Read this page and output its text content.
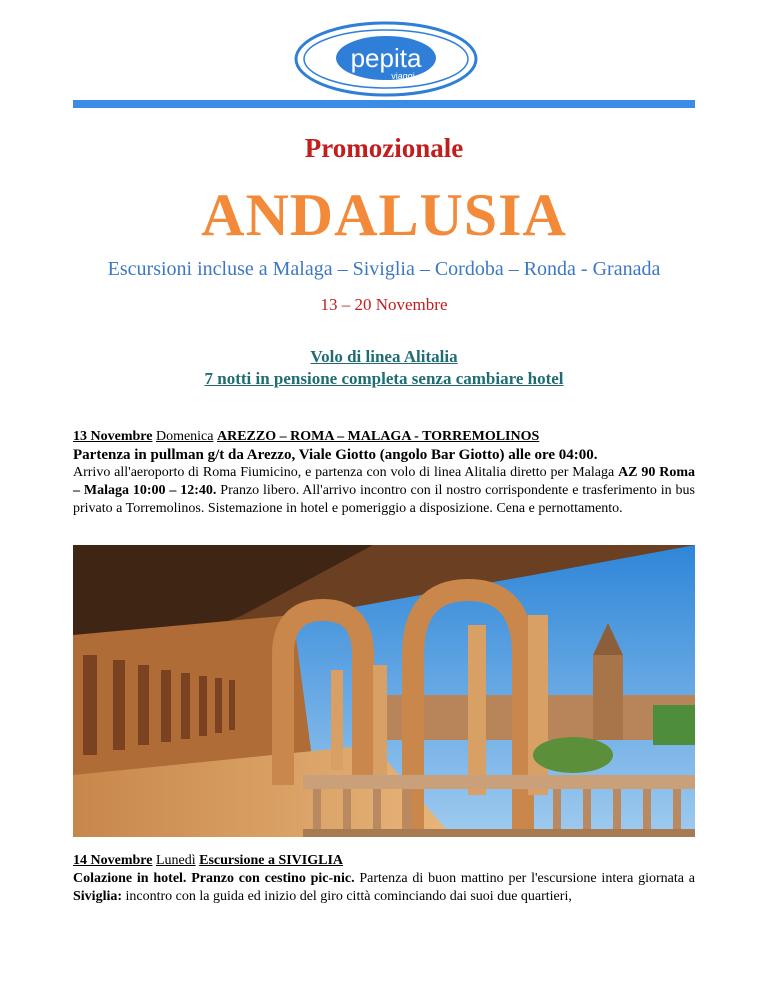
pepita
viaggi
Promozionale
ANDALUSIA
Escursioni incluse a Malaga – Siviglia – Cordoba – Ronda - Granada
13 – 20 Novembre
Volo di linea Alitalia
7 notti in pensione completa senza cambiare hotel
13 Novembre Domenica AREZZO – ROMA – MALAGA - TORREMOLINOS
Partenza in pullman g/t da Arezzo, Viale Giotto (angolo Bar Giotto) alle ore 04:00.
Arrivo all'aeroporto di Roma Fiumicino, e partenza con volo di linea Alitalia diretto per Malaga AZ 90 Roma – Malaga 10:00 – 12:40. Pranzo libero. All'arrivo incontro con il nostro corrispondente e trasferimento in bus privato a Torremolinos. Sistemazione in hotel e pomeriggio a disposizione. Cena e pernottamento.
14 Novembre Lunedì Escursione a SIVIGLIA
Colazione in hotel. Pranzo con cestino pic-nic. Partenza di buon mattino per l'escursione intera giornata a Siviglia: incontro con la guida ed inizio del giro città cominciando dai suoi due quartieri,
